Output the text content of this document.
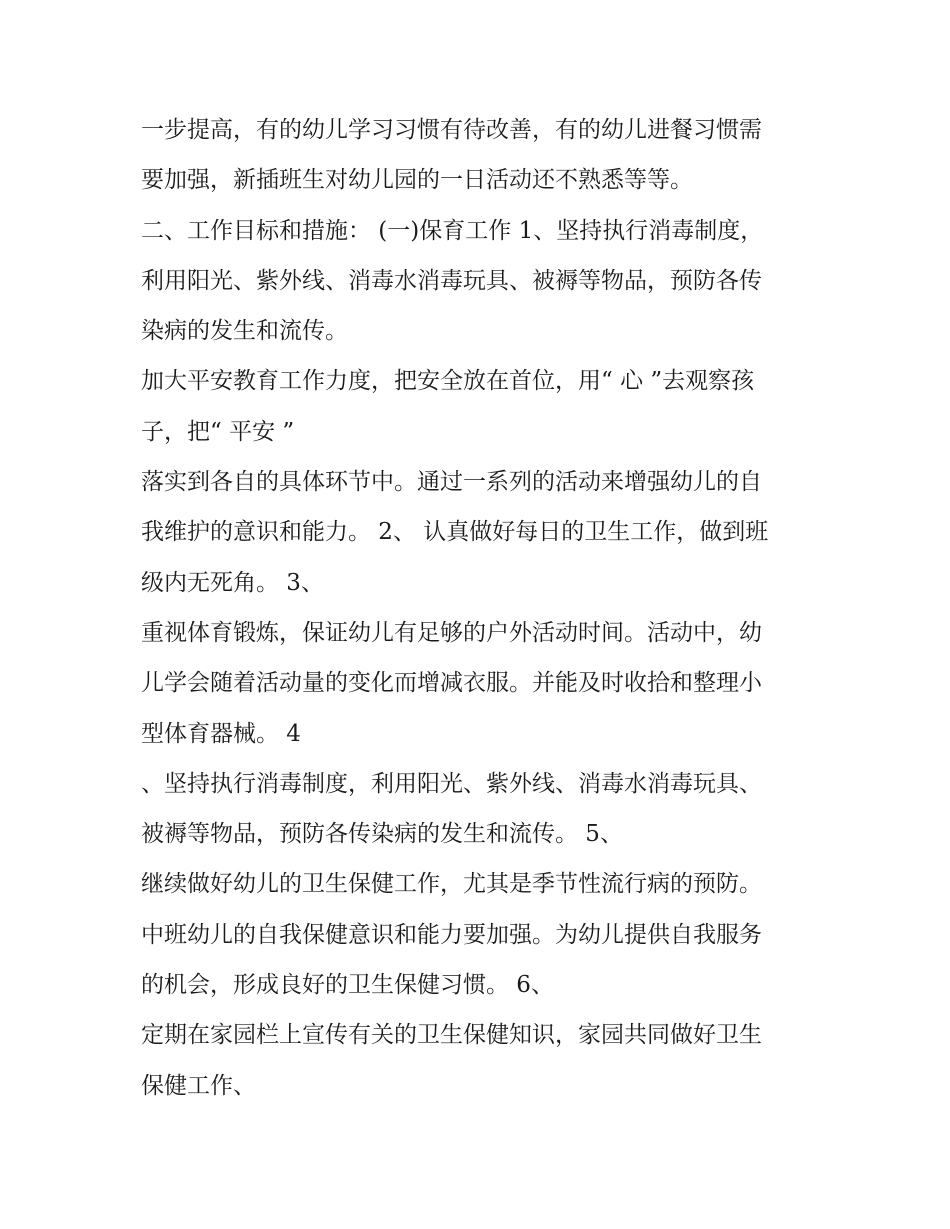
一步提高，有的幼儿学习习惯有待改善，有的幼儿进餐习惯需
要加强，新插班生对幼儿园的一日活动还不熟悉等等。
二、工作目标和措施： (一)保育工作 1、坚持执行消毒制度，
利用阳光、紫外线、消毒水消毒玩具、被褥等物品，预防各传
染病的发生和流传。
加大平安教育工作力度，把安全放在首位，用“ 心 ”去观察孩
子，把“ 平安 ”
落实到各自的具体环节中。通过一系列的活动来增强幼儿的自
我维护的意识和能力。 2、 认真做好每日的卫生工作，做到班
级内无死角。 3、
重视体育锻炼，保证幼儿有足够的户外活动时间。活动中，幼
儿学会随着活动量的变化而增减衣服。并能及时收拾和整理小
型体育器械。 4
、坚持执行消毒制度，利用阳光、紫外线、消毒水消毒玩具、
被褥等物品，预防各传染病的发生和流传。 5、
继续做好幼儿的卫生保健工作，尤其是季节性流行病的预防。
中班幼儿的自我保健意识和能力要加强。为幼儿提供自我服务
的机会，形成良好的卫生保健习惯。 6、
定期在家园栏上宣传有关的卫生保健知识，家园共同做好卫生
保健工作、
